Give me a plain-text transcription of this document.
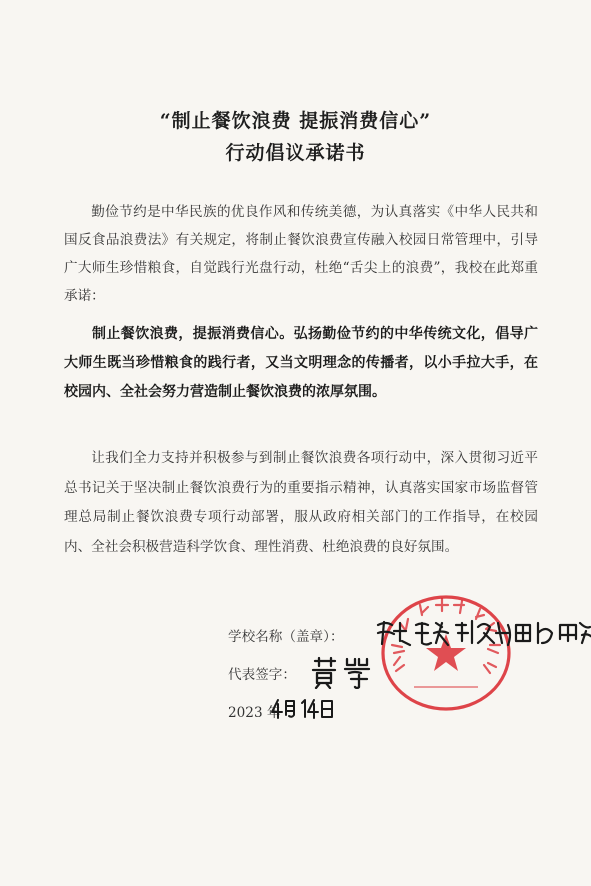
“制止餐饮浪费 提振消费信心”
行动倡议承诺书

勤俭节约是中华民族的优良作风和传统美德，为认真落实《中华人民共和国反食品浪费法》有关规定，将制止餐饮浪费宣传融入校园日常管理中，引导广大师生珍惜粮食，自觉践行光盘行动，杜绝“舌尖上的浪费”，我校在此郑重承诺：

制止餐饮浪费，提振消费信心。弘扬勤俭节约的中华传统文化，倡导广大师生既当珍惜粮食的践行者，又当文明理念的传播者，以小手拉大手，在校园内、全社会努力营造制止餐饮浪费的浓厚氛围。

让我们全力支持并积极参与到制止餐饮浪费各项行动中，深入贯彻习近平总书记关于坚决制止餐饮浪费行为的重要指示精神，认真落实国家市场监督管理总局制止餐饮浪费专项行动部署，服从政府相关部门的工作指导，在校园内、全社会积极营造科学饮食、理性消费、杜绝浪费的良好氛围。

学校名称（盖章）：
代表签字：
2023 年
